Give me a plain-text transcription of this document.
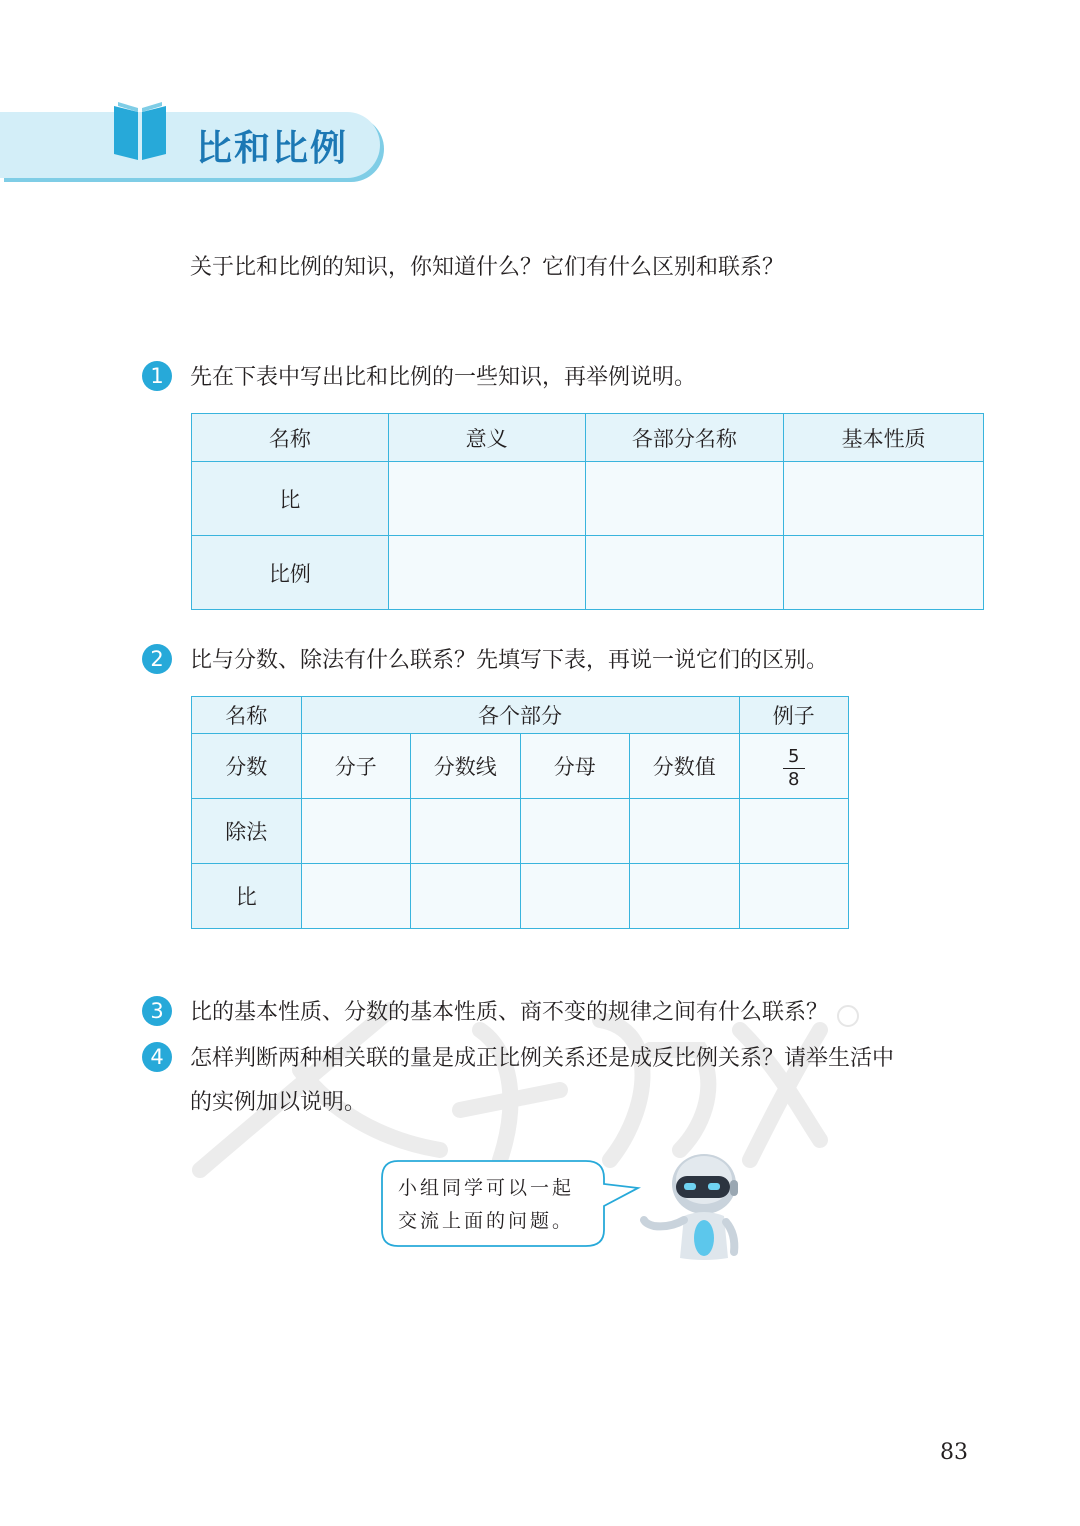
比和比例
关于比和比例的知识，你知道什么？它们有什么区别和联系？
1	先在下表中写出比和比例的一些知识，再举例说明。
名称	意义	各部分名称	基本性质
比			
比例			
2	比与分数、除法有什么联系？先填写下表，再说一说它们的区别。
名称	各个部分				例子
分数	分子	分数线	分母	分数值	$\frac{5}{8}$

除法					
比					
3	比的基本性质、分数的基本性质、商不变的规律之间有什么联系？
4	怎样判断两种相关联的量是成正比例关系还是成反比例关系？请举生活中
的实例加以说明。
小组同学可以一起
交流上面的问题。
83
